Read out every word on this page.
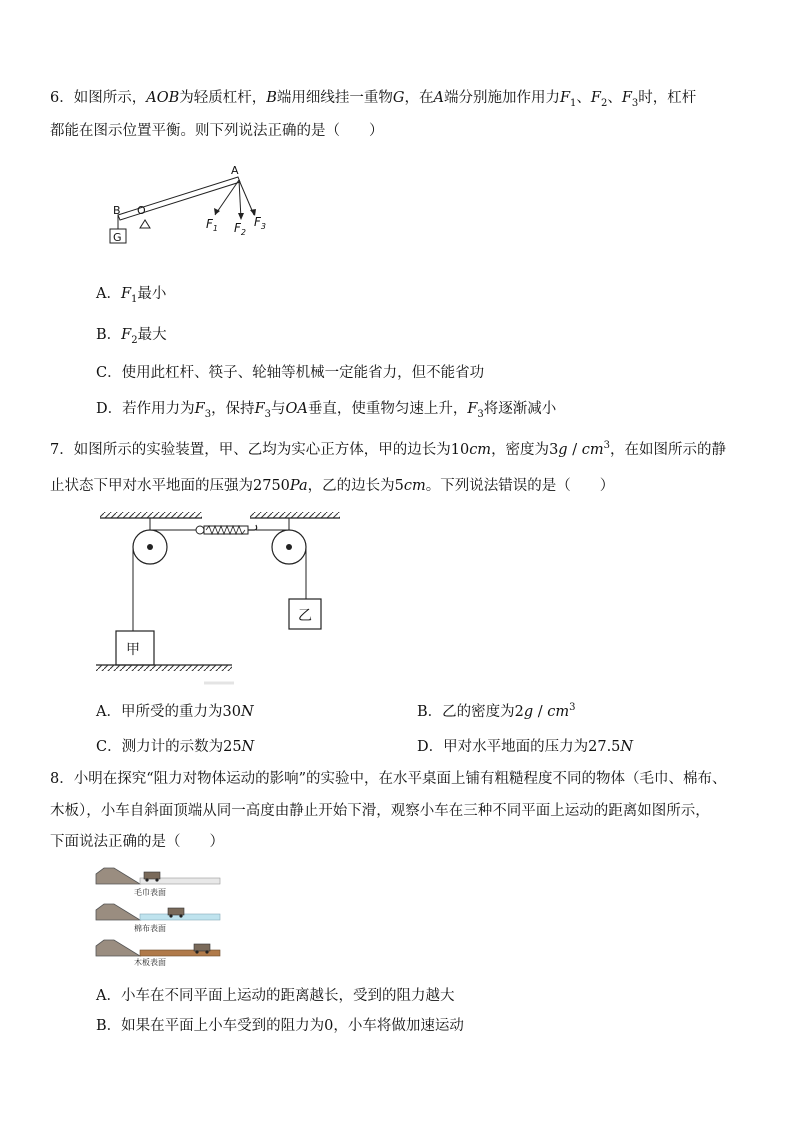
6．如图所示，AOB为轻质杠杆，B端用细线挂一重物G，在A端分别施加作用力$F_1$、$F_2$、$F_3$时，杠杆
都能在图示位置平衡。则下列说法正确的是（　　）
G
B O
A
$F_1$ $F_2$
$F_3$
A．$F_1$最小
B．$F_2$最大
C．使用此杠杆、筷子、轮轴等机械一定能省力，但不能省功
D．若作用力为$F_3$，保持$F_3$与OA垂直，使重物匀速上升，$F_3$将逐渐减小
7．如图所示的实验装置，甲、乙均为实心正方体，甲的边长为10cm，密度为$3g / cm^3$，在如图所示的静
止状态下甲对水平地面的压强为2750Pa，乙的边长为5cm。下列说法错误的是（　　）
甲
乙
A．甲所受的重力为30N	B．乙的密度为$2g / cm^3$
C．测力计的示数为25N	D．甲对水平地面的压力为27.5N
8．小明在探究“阻力对物体运动的影响”的实验中，在水平桌面上铺有粗糙程度不同的物体（毛巾、棉布、
木板），小车自斜面顶端从同一高度由静止开始下滑，观察小车在三种不同平面上运动的距离如图所示，
下面说法正确的是（　　）
毛巾表面
棉布表面
木板表面
A．小车在不同平面上运动的距离越长，受到的阻力越大
B．如果在平面上小车受到的阻力为0，小车将做加速运动
